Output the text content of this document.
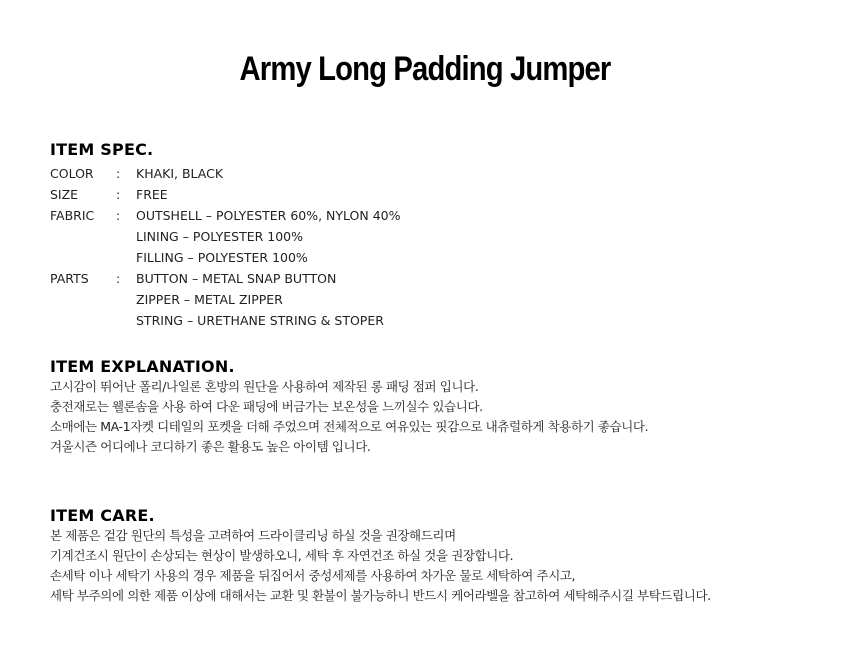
Army Long Padding Jumper
ITEM SPEC.
COLOR	:	KHAKI, BLACK
SIZE	:	FREE
FABRIC	:	OUTSHELL – POLYESTER 60%, NYLON 40%
LINING – POLYESTER 100%
FILLING – POLYESTER 100%
PARTS	:	BUTTON – METAL SNAP BUTTON
ZIPPER – METAL ZIPPER
STRING – URETHANE STRING & STOPER
ITEM EXPLANATION.
고시감이 뛰어난 폴리/나일론 혼방의 원단을 사용하여 제작된 롱 패딩 점퍼 입니다.
충전재로는 웰론솜을 사용 하여 다운 패딩에 버금가는 보온성을 느끼실수 있습니다.
소매에는 MA-1자켓 디테일의 포켓을 더해 주었으며 전체적으로 여유있는 핏감으로 내츄럴하게 착용하기 좋습니다.
겨울시즌 어디에나 코디하기 좋은 활용도 높은 아이템 입니다.
ITEM CARE.
본 제품은 겉감 원단의 특성을 고려하여 드라이클리닝 하실 것을 권장해드리며
기계건조시 원단이 손상되는 현상이 발생하오니, 세탁 후 자연건조 하실 것을 권장합니다.
손세탁 이나 세탁기 사용의 경우 제품을 뒤집어서 중성세제를 사용하여 차가운 물로 세탁하여 주시고,
세탁 부주의에 의한 제품 이상에 대해서는 교환 및 환불이 불가능하니 반드시 케어라벨을 참고하여 세탁해주시길 부탁드립니다.
